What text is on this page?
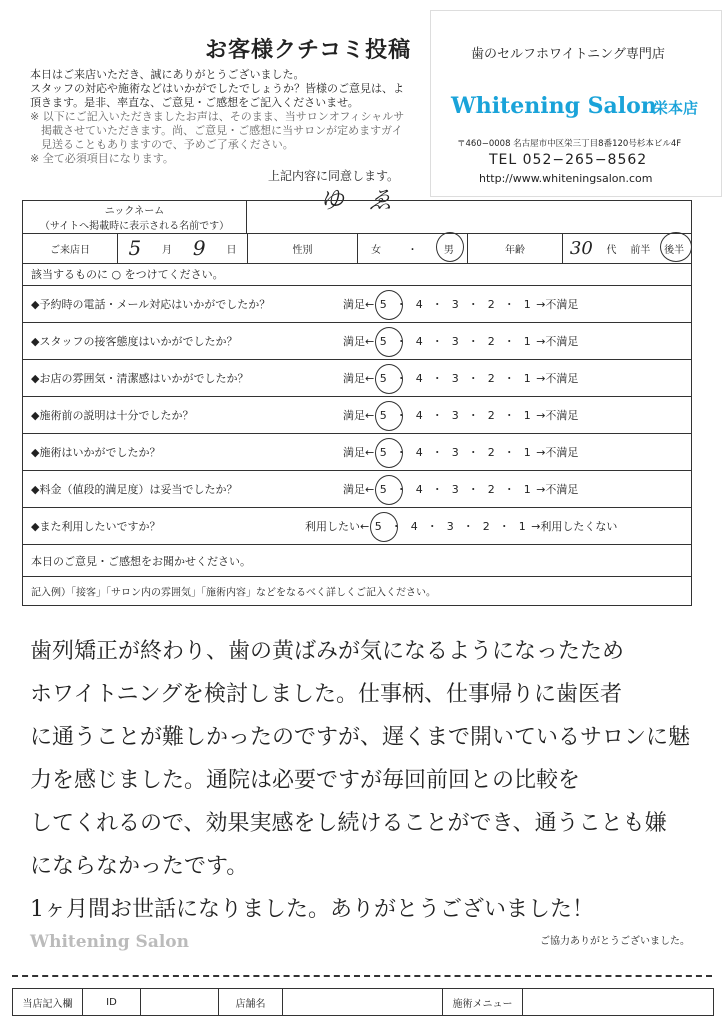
お客様クチコミ投稿
本日はご来店いただき、誠にありがとうございました。
スタッフの対応や施術などはいかがでしたでしょうか？皆様のご意見は、よ
頂きます。是非、率直な、ご意見・ご感想をご記入くださいませ。
※ 以下にご記入いただきましたお声は、そのまま、当サロンオフィシャルサ
　掲載させていただきます。尚、ご意見・ご感想に当サロンが定めますガイ
　見送ることもありますので、予めご了承ください。
※ 全て必須項目になります。
上記内容に同意します。
ゆ　ゑ
歯のセルフホワイトニング専門店
Whitening Salon
栄本店
〒460−0008 名古屋市中区栄三丁目8番120号杉本ビル4F
TEL 052−265−8562
http://www.whiteningsalon.com
ニックネーム
（サイトへ掲載時に表示される名前です）
ご来店日 5 月 9 日	性別	女	・	男	年齢 30 代 前半 後半
該当するものに ○ をつけてください。
◆予約時の電話・メール対応はいかがでしたか？	満足← 5 ・ 4 ・ 3 ・ 2 ・ 1 →不満足
◆スタッフの接客態度はいかがでしたか？	満足← 5 ・ 4 ・ 3 ・ 2 ・ 1 →不満足
◆お店の雰囲気・清潔感はいかがでしたか？	満足← 5 ・ 4 ・ 3 ・ 2 ・ 1 →不満足
◆施術前の説明は十分でしたか？	満足← 5 ・ 4 ・ 3 ・ 2 ・ 1 →不満足
◆施術はいかがでしたか？	満足← 5 ・ 4 ・ 3 ・ 2 ・ 1 →不満足
◆料金（値段的満足度）は妥当でしたか？	満足← 5 ・ 4 ・ 3 ・ 2 ・ 1 →不満足
◆また利用したいですか？	利用したい← 5 ・ 4 ・ 3 ・ 2 ・ 1 →利用したくない
本日のご意見・ご感想をお聞かせください。
記入例）「接客」「サロン内の雰囲気」「施術内容」などをなるべく詳しくご記入ください。
歯列矯正が終わり、歯の黄ばみが気になるようになったため
ホワイトニングを検討しました。仕事柄、仕事帰りに歯医者
に通うことが難しかったのですが、遅くまで開いているサロンに魅
力を感じました。通院は必要ですが毎回前回との比較を
してくれるので、効果実感をし続けることができ、通うことも嫌
にならなかったです。
1ヶ月間お世話になりました。ありがとうございました！
Whitening Salon	ご協力ありがとうございました。
当店記入欄	ID	店舗名	施術メニュー
